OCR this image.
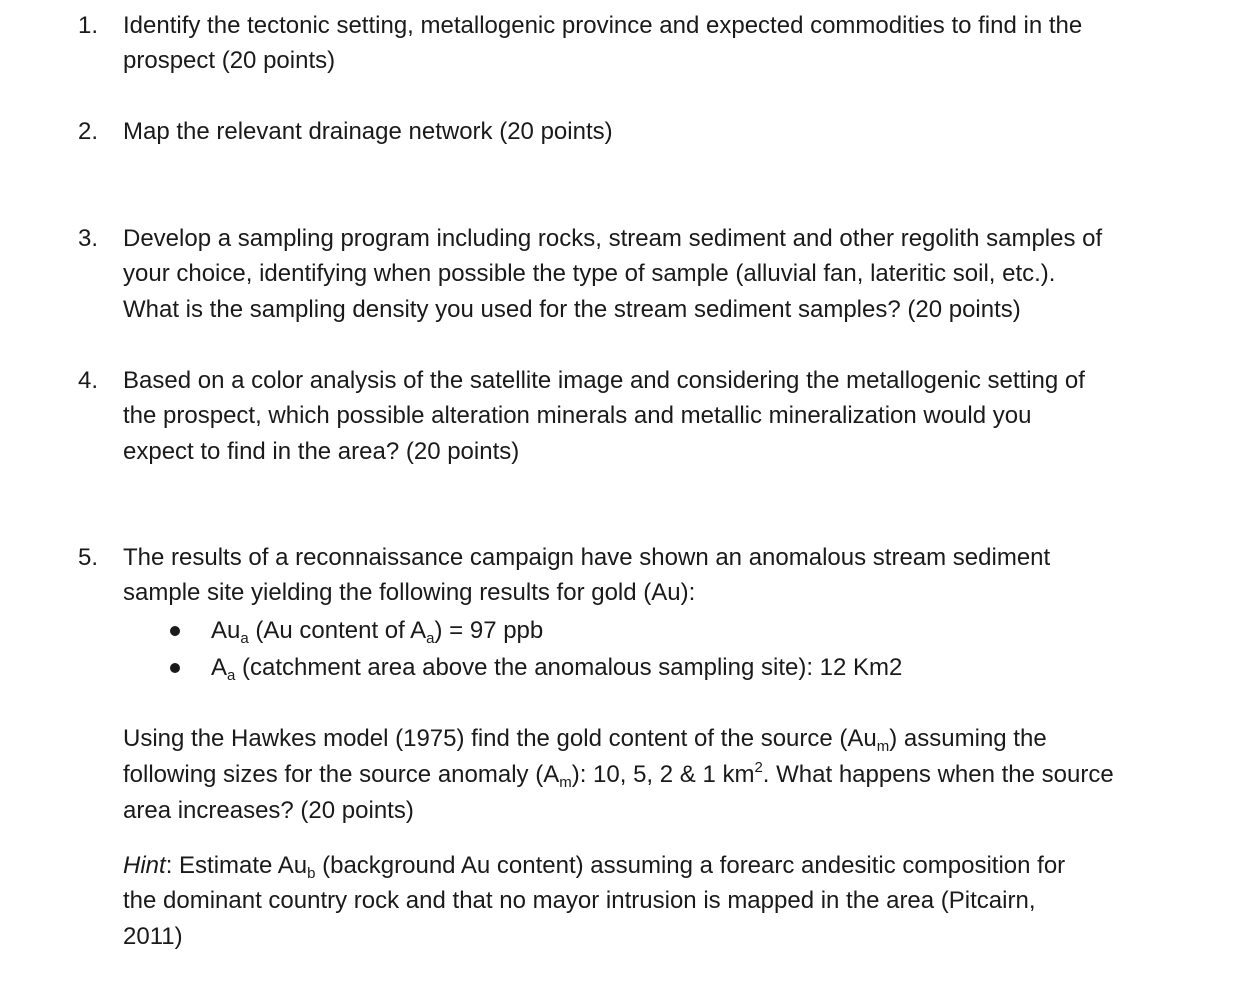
1. Identify the tectonic setting, metallogenic province and expected commodities to find in the
prospect (20 points)
2. Map the relevant drainage network (20 points)
3. Develop a sampling program including rocks, stream sediment and other regolith samples of
your choice, identifying when possible the type of sample (alluvial fan, lateritic soil, etc.).
What is the sampling density you used for the stream sediment samples? (20 points)
4. Based on a color analysis of the satellite image and considering the metallogenic setting of
the prospect, which possible alteration minerals and metallic mineralization would you
expect to find in the area? (20 points)
5. The results of a reconnaissance campaign have shown an anomalous stream sediment
sample site yielding the following results for gold (Au):
$Au_a$ (Au content of $A_a) = 97$ ppb
$A_a$ (catchment area above the anomalous sampling site): 12 Km2
Using the Hawkes model (1975) find the gold content of the source $(Au_m)$ assuming the
following sizes for the source anomaly $(A_m)$: 10, 5, 2 & 1 $km^2$. What happens when the source
area increases? (20 points)
Hint: Estimate $Au_b$ (background Au content) assuming a forearc andesitic composition for
the dominant country rock and that no mayor intrusion is mapped in the area (Pitcairn,
2011)
